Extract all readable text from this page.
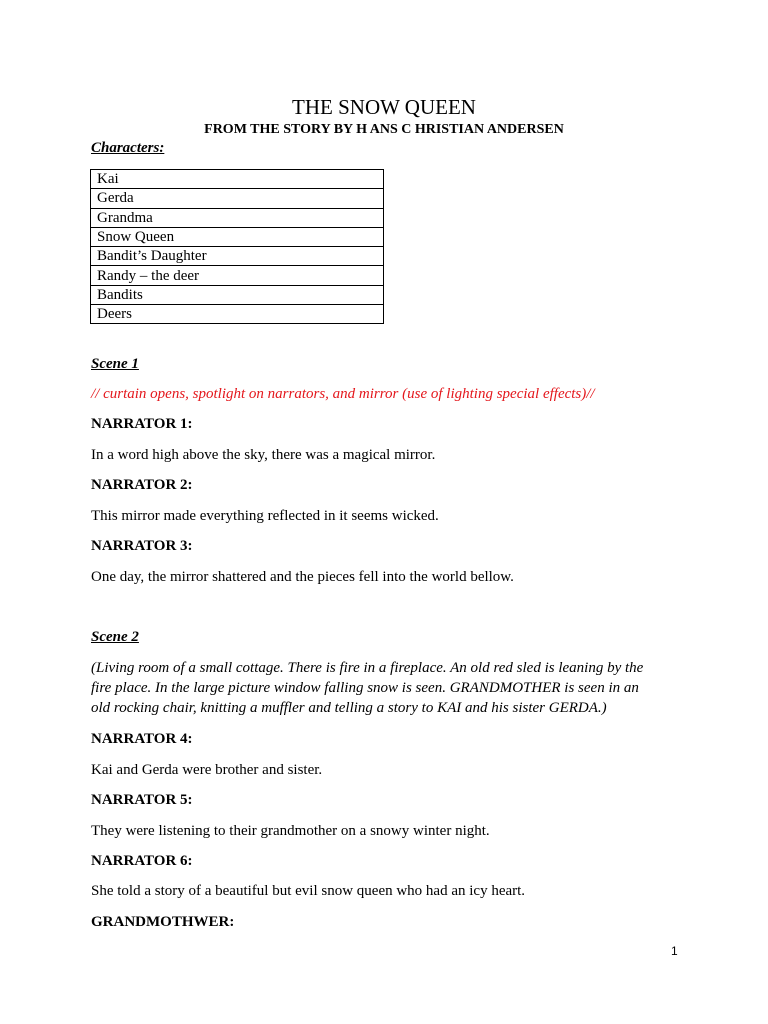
THE SNOW QUEEN
FROM THE STORY BY H ANS C HRISTIAN ANDERSEN
Characters:
Kai
Gerda
Grandma
Snow Queen
Bandit’s Daughter
Randy – the deer
Bandits
Deers
Scene 1
// curtain opens, spotlight on narrators, and mirror (use of lighting special effects)//
NARRATOR 1:
In a word high above the sky, there was a magical mirror.
NARRATOR 2:
This mirror made everything reflected in it seems wicked.
NARRATOR 3:
One day, the mirror shattered and the pieces fell into the world bellow.
Scene 2
(Living room of a small cottage. There is fire in a fireplace. An old red sled is leaning by the
fire place. In the large picture window falling snow is seen. GRANDMOTHER is seen in an
old rocking chair, knitting a muffler and telling a story to KAI and his sister GERDA.)
NARRATOR 4:
Kai and Gerda were brother and sister.
NARRATOR 5:
They were listening to their grandmother on a snowy winter night.
NARRATOR 6:
She told a story of a beautiful but evil snow queen who had an icy heart.
GRANDMOTHWER:
1
